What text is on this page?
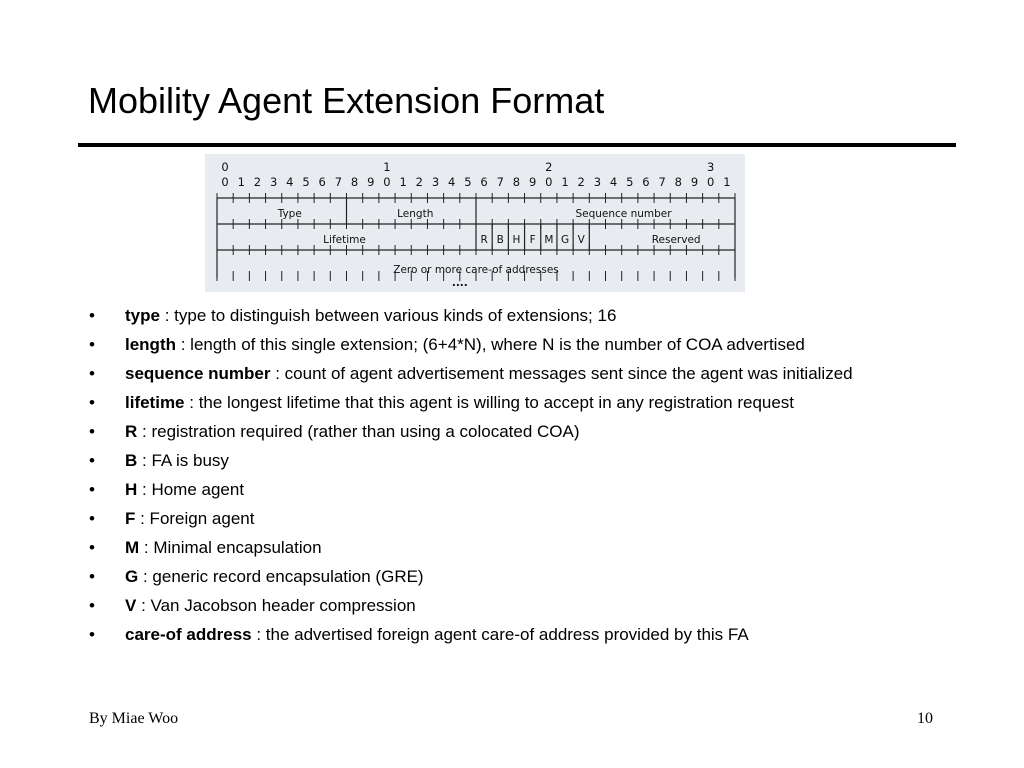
Mobility Agent Extension Format
0	1	2	3
0 1 2 3 4 5 6 7 8 9 0 1 2 3 4 5 6 7 8 9 0 1 2 3 4 5 6 7 8 9 0 1
Type	Length	Sequence number
Lifetime	R B H F M G V	Reserved
Zero or more care-of addresses
....
• type : type to distinguish between various kinds of extensions; 16
• length : length of this single extension; (6+4*N), where N is the number of COA advertised
• sequence number : count of agent advertisement messages sent since the agent was initialized
• lifetime : the longest lifetime that this agent is willing to accept in any registration request
• R : registration required (rather than using a colocated COA)
• B : FA is busy
• H : Home agent
• F : Foreign agent
• M : Minimal encapsulation
• G : generic record encapsulation (GRE)
• V : Van Jacobson header compression
• care-of address : the advertised foreign agent care-of address provided by this FA
By Miae Woo	10
